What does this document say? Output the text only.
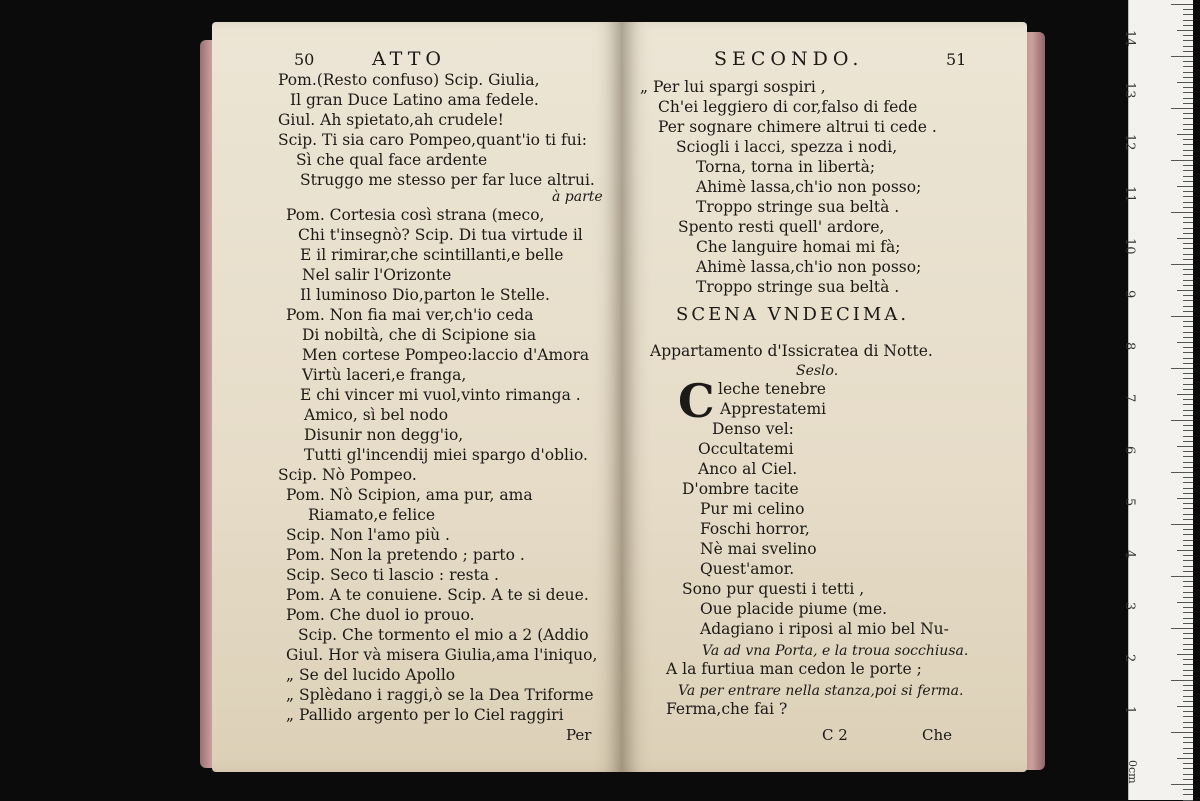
50	ATTO
Pom.(Resto confuso) Scip. Giulia,
Il gran Duce Latino ama fedele.
Giul. Ah spietato,ah crudele!
Scip. Ti sia caro Pompeo,quant'io ti fui:
Sì che qual face ardente
Struggo me stesso per far luce altrui.
à parte
Pom. Cortesia così strana (meco,
Chi t'insegnò? Scip. Di tua virtude il
E il rimirar,che scintillanti,e belle
Nel salir l'Orizonte
Il luminoso Dio,parton le Stelle.
Pom. Non fia mai ver,ch'io ceda
Di nobiltà, che di Scipione sia
Men cortese Pompeo:laccio d'Amora
Virtù laceri,e franga,
E chi vincer mi vuol,vinto rimanga .
Amico, sì bel nodo
Disunir non degg'io,
Tutti gl'incendij miei spargo d'oblio.
Scip. Nò Pompeo.
Pom. Nò Scipion, ama pur, ama
Riamato,e felice
Scip. Non l'amo più .
Pom. Non la pretendo ; parto .
Scip. Seco ti lascio : resta .
Pom. A te conuiene. Scip. A te si deue.
Pom. Che duol io prouo.
Scip. Che tormento el mio a 2 (Addio
Giul. Hor và misera Giulia,ama l'iniquo,
„ Se del lucido Apollo
„ Splèdano i raggi,ò se la Dea Triforme
„ Pallido argento per lo Ciel raggiri
Per
SECONDO.	51
„ Per lui spargi sospiri ,
Ch'ei leggiero di cor,falso di fede
Per sognare chimere altrui ti cede .
Sciogli i lacci, spezza i nodi,
Torna, torna in libertà;
Ahimè lassa,ch'io non posso;
Troppo stringe sua beltà .
Spento resti quell' ardore,
Che languire homai mi fà;
Ahimè lassa,ch'io non posso;
Troppo stringe sua beltà .
SCENA VNDECIMA.
Appartamento d'Issicratea di Notte.
Seslo.
C leche tenebre
Apprestatemi
Denso vel:
Occultatemi
Anco al Ciel.
D'ombre tacite
Pur mi celino
Foschi horror,
Nè mai svelino
Quest'amor.
Sono pur questi i tetti ,
Oue placide piume (me.
Adagiano i riposi al mio bel Nu-
Va ad vna Porta, e la troua socchiusa.
A la furtiua man cedon le porte ;
Va per entrare nella stanza,poi si ferma.
Ferma,che fai ?
C 2	Che
14
13
12
11
10
9
8
7
6
5
4
3
2
1
0cm
